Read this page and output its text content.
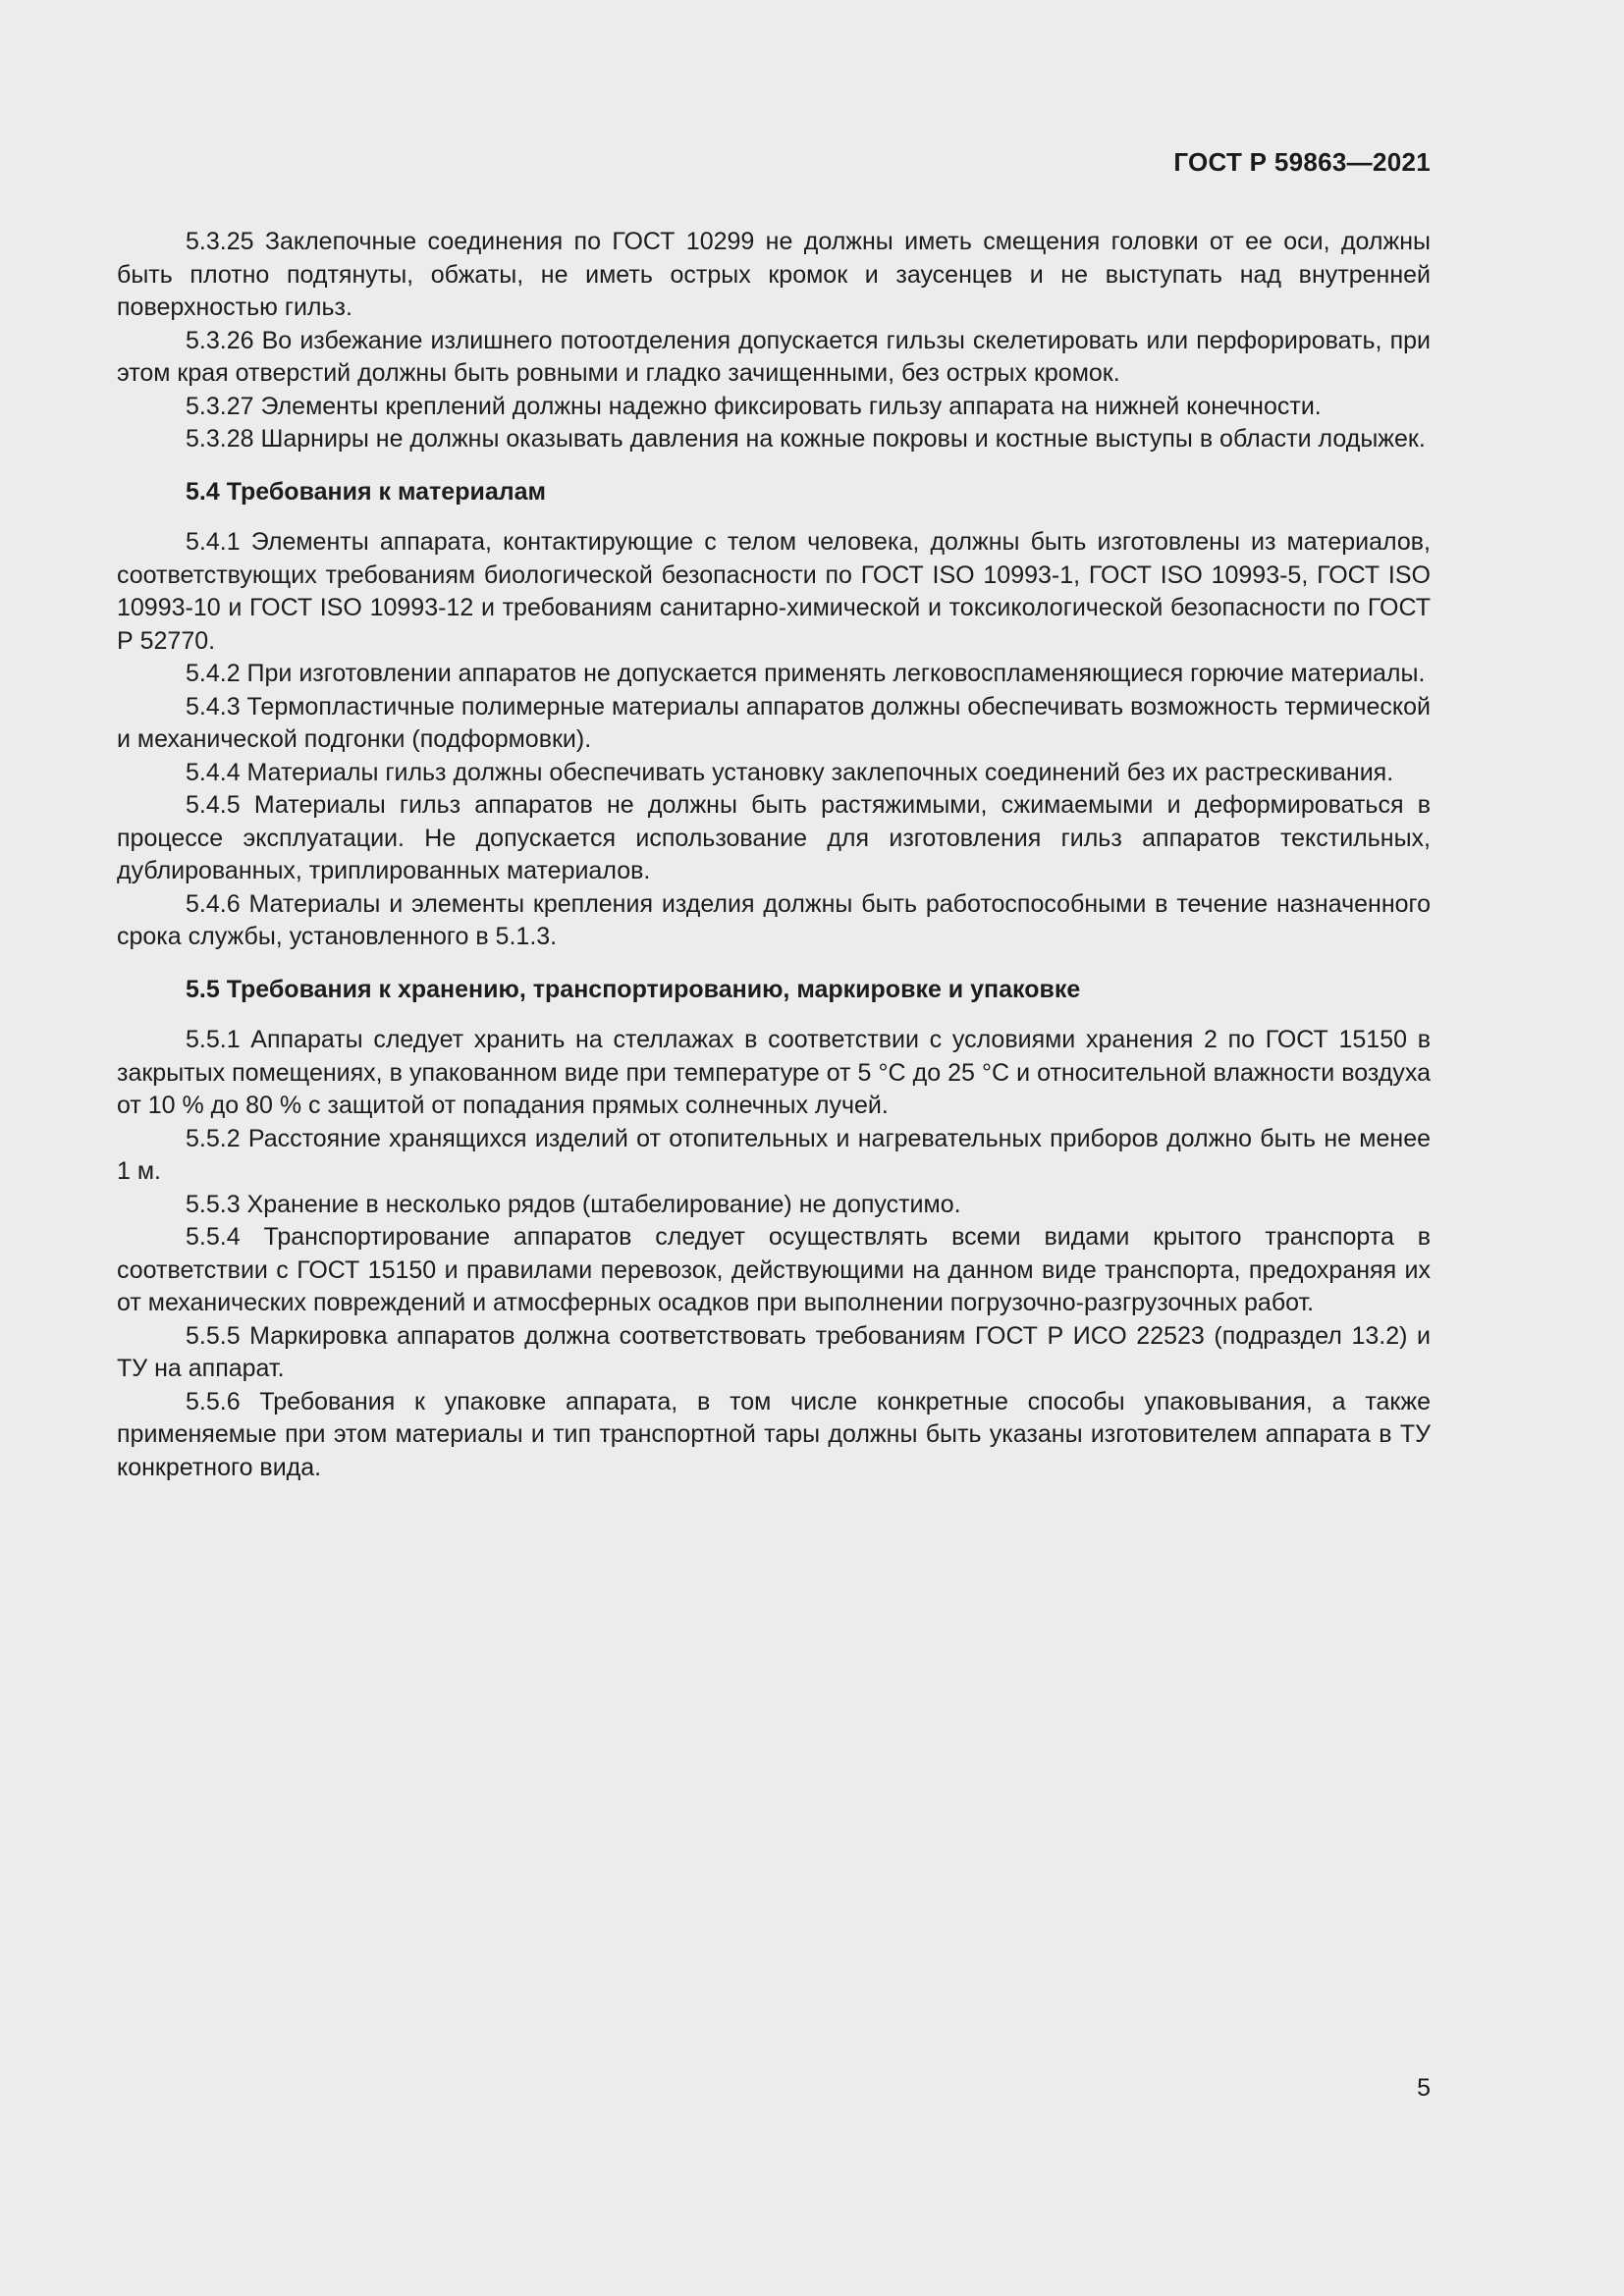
ГОСТ Р 59863—2021

5.3.25 Заклепочные соединения по ГОСТ 10299 не должны иметь смещения головки от ее оси, должны быть плотно подтянуты, обжаты, не иметь острых кромок и заусенцев и не выступать над внутренней поверхностью гильз.

5.3.26 Во избежание излишнего потоотделения допускается гильзы скелетировать или перфорировать, при этом края отверстий должны быть ровными и гладко зачищенными, без острых кромок.

5.3.27 Элементы креплений должны надежно фиксировать гильзу аппарата на нижней конечности.

5.3.28 Шарниры не должны оказывать давления на кожные покровы и костные выступы в области лодыжек.

5.4 Требования к материалам

5.4.1 Элементы аппарата, контактирующие с телом человека, должны быть изготовлены из материалов, соответствующих требованиям биологической безопасности по ГОСТ ISO 10993-1, ГОСТ ISO 10993-5, ГОСТ ISO 10993-10 и ГОСТ ISO 10993-12 и требованиям санитарно-химической и токсикологической безопасности по ГОСТ Р 52770.

5.4.2 При изготовлении аппаратов не допускается применять легковоспламеняющиеся горючие материалы.

5.4.3 Термопластичные полимерные материалы аппаратов должны обеспечивать возможность термической и механической подгонки (подформовки).

5.4.4 Материалы гильз должны обеспечивать установку заклепочных соединений без их растрескивания.

5.4.5 Материалы гильз аппаратов не должны быть растяжимыми, сжимаемыми и деформироваться в процессе эксплуатации. Не допускается использование для изготовления гильз аппаратов текстильных, дублированных, триплированных материалов.

5.4.6 Материалы и элементы крепления изделия должны быть работоспособными в течение назначенного срока службы, установленного в 5.1.3.

5.5 Требования к хранению, транспортированию, маркировке и упаковке

5.5.1 Аппараты следует хранить на стеллажах в соответствии с условиями хранения 2 по ГОСТ 15150 в закрытых помещениях, в упакованном виде при температуре от 5 °С до 25 °С и относительной влажности воздуха от 10 % до 80 % с защитой от попадания прямых солнечных лучей.

5.5.2 Расстояние хранящихся изделий от отопительных и нагревательных приборов должно быть не менее 1 м.

5.5.3 Хранение в несколько рядов (штабелирование) не допустимо.

5.5.4 Транспортирование аппаратов следует осуществлять всеми видами крытого транспорта в соответствии с ГОСТ 15150 и правилами перевозок, действующими на данном виде транспорта, предохраняя их от механических повреждений и атмосферных осадков при выполнении погрузочно-разгрузочных работ.

5.5.5 Маркировка аппаратов должна соответствовать требованиям ГОСТ Р ИСО 22523 (подраздел 13.2) и ТУ на аппарат.

5.5.6 Требования к упаковке аппарата, в том числе конкретные способы упаковывания, а также применяемые при этом материалы и тип транспортной тары должны быть указаны изготовителем аппарата в ТУ конкретного вида.

5
